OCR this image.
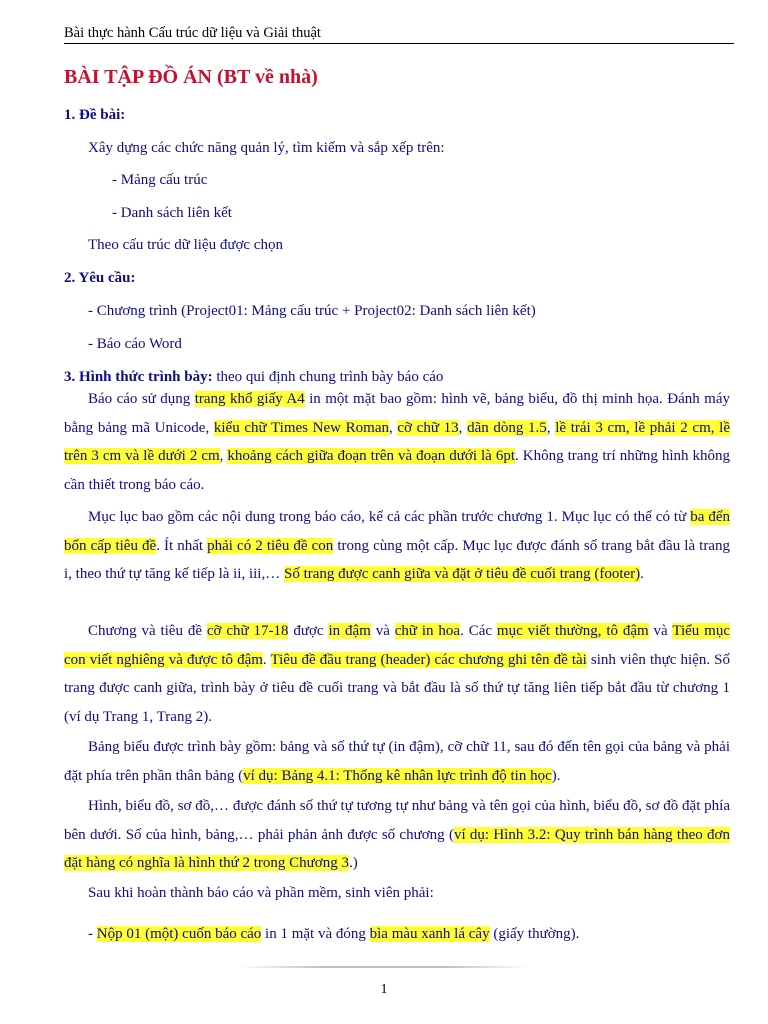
Bài thực hành Cấu trúc dữ liệu và Giải thuật
BÀI TẬP ĐỒ ÁN (BT về nhà)
1. Đề bài:
Xây dựng các chức năng quản lý, tìm kiếm và sắp xếp trên:
- Mảng cấu trúc
- Danh sách liên kết
Theo cấu trúc dữ liệu được chọn
2. Yêu cầu:
- Chương trình (Project01: Mảng cấu trúc + Project02: Danh sách liên kết)
- Báo cáo Word
3. Hình thức trình bày: theo qui định chung trình bày báo cáo
Báo cáo sử dụng trang khổ giấy A4 in một mặt bao gồm: hình vẽ, bảng biểu, đồ thị minh họa. Đánh máy bằng bảng mã Unicode, kiểu chữ Times New Roman, cỡ chữ 13, dãn dòng 1.5, lề trái 3 cm, lề phải 2 cm, lề trên 3 cm và lề dưới 2 cm, khoảng cách giữa đoạn trên và đoạn dưới là 6pt. Không trang trí những hình không cần thiết trong báo cáo.
Mục lục bao gồm các nội dung trong báo cáo, kể cả các phần trước chương 1. Mục lục có thể có từ ba đến bốn cấp tiêu đề. Ít nhất phải có 2 tiêu đề con trong cùng một cấp. Mục lục được đánh số trang bắt đầu là trang i, theo thứ tự tăng kế tiếp là ii, iii,… Số trang được canh giữa và đặt ở tiêu đề cuối trang (footer).
Chương và tiêu đề cỡ chữ 17-18 được in đậm và chữ in hoa. Các mục viết thường, tô đậm và Tiểu mục con viết nghiêng và được tô đậm. Tiêu đề đầu trang (header) các chương ghi tên đề tài sinh viên thực hiện. Số trang được canh giữa, trình bày ở tiêu đề cuối trang và bắt đầu là số thứ tự tăng liên tiếp bắt đầu từ chương 1 (ví dụ Trang 1, Trang 2).
Bảng biểu được trình bày gồm: bảng và số thứ tự (in đậm), cỡ chữ 11, sau đó đến tên gọi của bảng và phải đặt phía trên phần thân bảng (ví dụ: Bảng 4.1: Thống kê nhân lực trình độ tin học).
Hình, biểu đồ, sơ đồ,… được đánh số thứ tự tương tự như bảng và tên gọi của hình, biểu đồ, sơ đồ đặt phía bên dưới. Số của hình, bảng,… phải phản ảnh được số chương (ví dụ: Hình 3.2: Quy trình bán hàng theo đơn đặt hàng có nghĩa là hình thứ 2 trong Chương 3.)
Sau khi hoàn thành báo cáo và phần mềm, sinh viên phải:
- Nộp 01 (một) cuốn báo cáo in 1 mặt và đóng bìa màu xanh lá cây (giấy thường).
1
